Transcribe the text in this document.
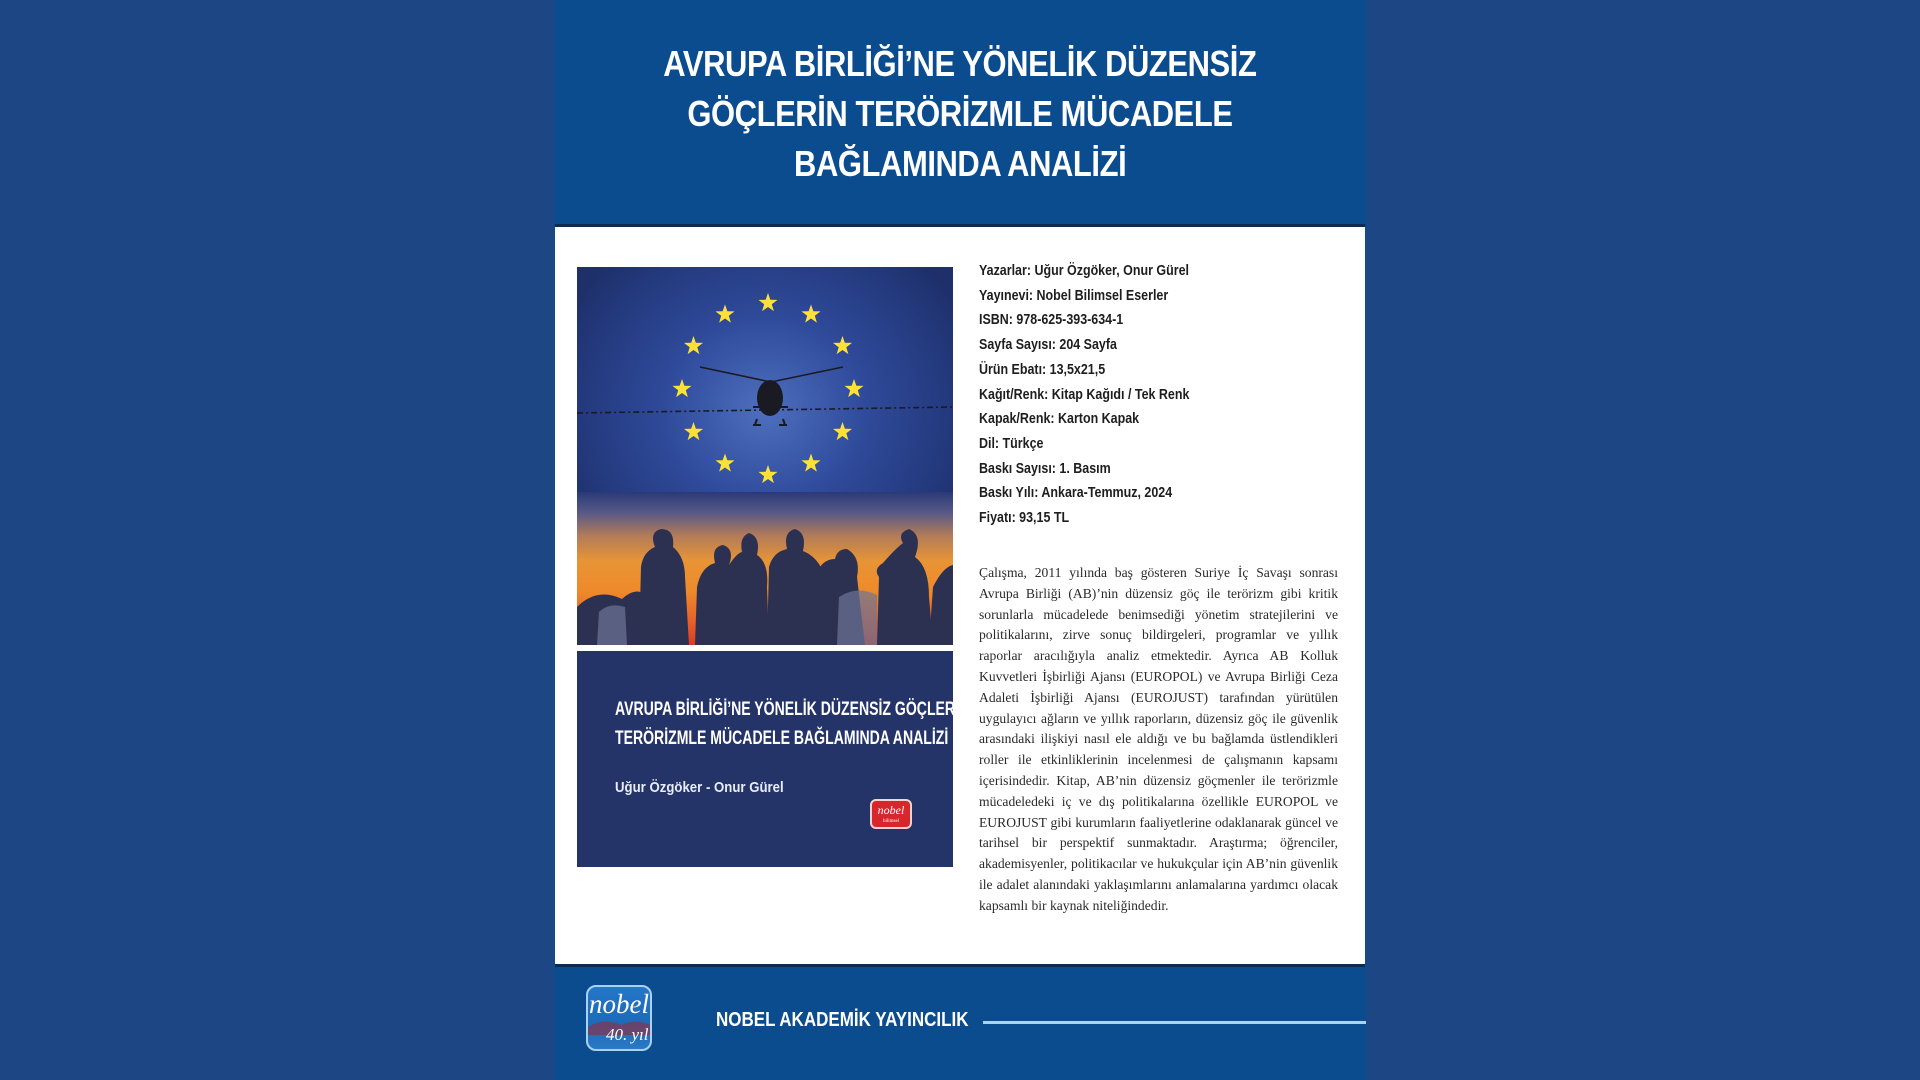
AVRUPA BİRLİĞİ’NE YÖNELİK DÜZENSİZ
GÖÇLERİN TERÖRİZMLE MÜCADELE
BAĞLAMINDA ANALİZİ
AVRUPA BİRLİĞİ’NE YÖNELİK DÜZENSİZ GÖÇLERİN
TERÖRİZMLE MÜCADELE BAĞLAMINDA ANALİZİ
Uğur Özgöker - Onur Gürel
nobel
bilimsel
Yazarlar: Uğur Özgöker, Onur Gürel
Yayınevi: Nobel Bilimsel Eserler
ISBN: 978-625-393-634-1
Sayfa Sayısı: 204 Sayfa
Ürün Ebatı: 13,5x21,5
Kağıt/Renk: Kitap Kağıdı / Tek Renk
Kapak/Renk: Karton Kapak
Dil: Türkçe
Baskı Sayısı: 1. Basım
Baskı Yılı: Ankara-Temmuz, 2024
Fiyatı: 93,15 TL

Çalışma, 2011 yılında baş gösteren Suriye İç Savaşı sonrası Avrupa Birliği (AB)’nin düzensiz göç ile terörizm gibi kritik sorunlarla mücadelede benimsediği yönetim stratejilerini ve politikalarını, zirve sonuç bildirgeleri, programlar ve yıllık raporlar aracılığıyla analiz etmektedir. Ayrıca AB Kolluk Kuvvetleri İşbirliği Ajansı (EUROPOL) ve Avrupa Birliği Ceza Adaleti İşbirliği Ajansı (EUROJUST) tarafından yürütülen uygulayıcı ağların ve yıllık raporların, düzensiz göç ile güvenlik arasındaki ilişkiyi nasıl ele aldığı ve bu bağlamda üstlendikleri roller ile etkinliklerinin incelenmesi de çalışmanın kapsamı içerisindedir. Kitap, AB’nin düzensiz göçmenler ile terörizmle mücadeledeki iç ve dış politikalarına özellikle EUROPOL ve EUROJUST gibi kurumların faaliyetlerine odaklanarak güncel ve tarihsel bir perspektif sunmaktadır. Araştırma; öğrenciler, akademisyenler, politikacılar ve hukukçular için AB’nin güvenlik ile adalet alanındaki yaklaşımlarını anlamalarına yardımcı olacak kapsamlı bir kaynak niteliğindedir.

nobel
40. yıl
NOBEL AKADEMİK YAYINCILIK
